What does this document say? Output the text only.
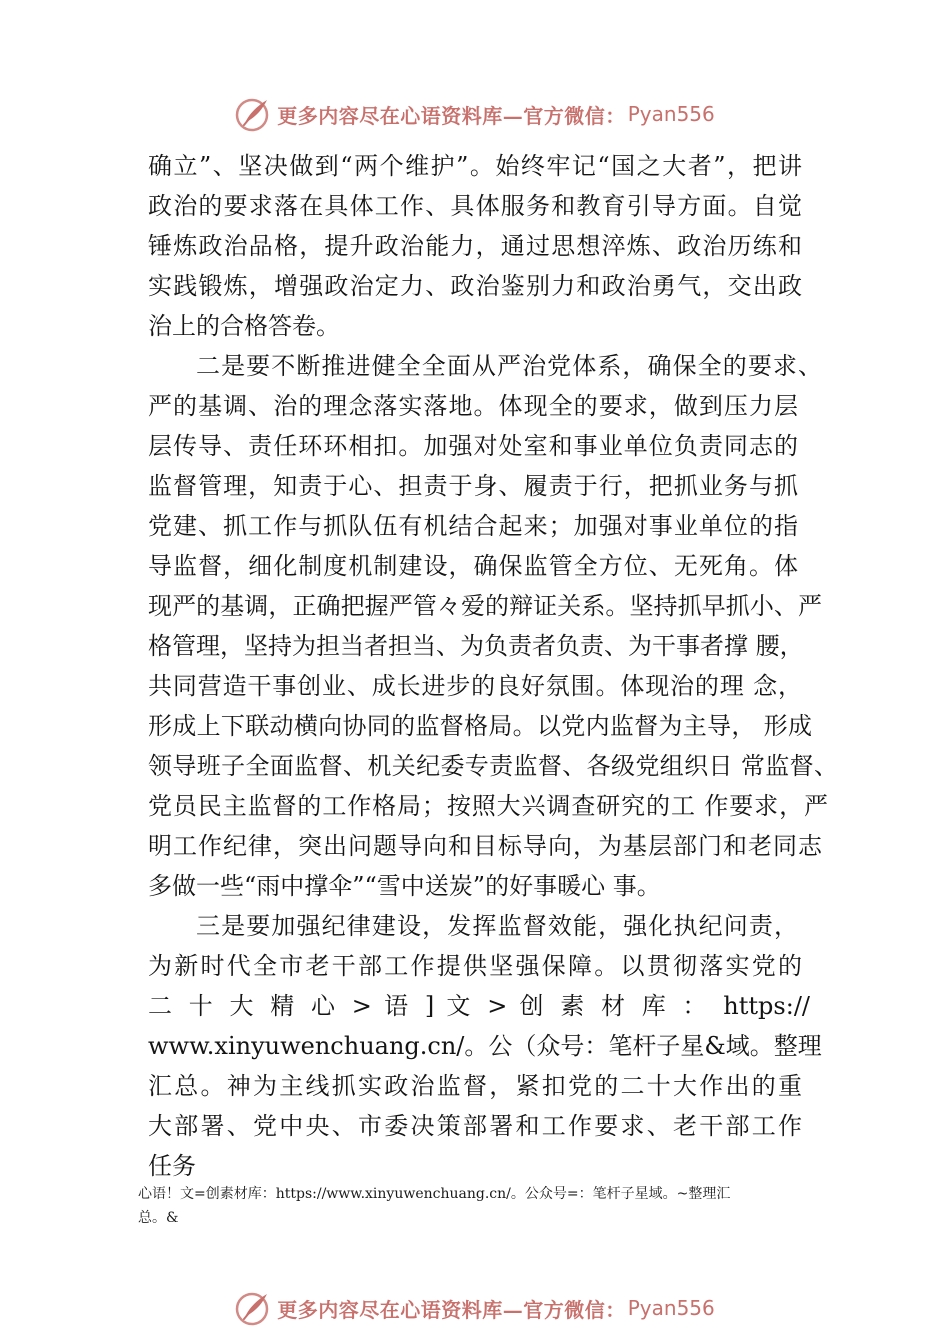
更多内容尽在心语资料库—官方微信： Pyan556
确立”、坚决做到“两个维护”。始终牢记“国之大者”，把讲
政治的要求落在具体工作、具体服务和教育引导方面。自觉
锤炼政治品格，提升政治能力，通过思想淬炼、政治历练和
实践锻炼，增强政治定力、政治鉴别力和政治勇气，交出政
治上的合格答卷。
二是要不断推进健全全面从严治党体系，确保全的要求、
严的基调、治的理念落实落地。体现全的要求，做到压力层
层传导、责任环环相扣。加强对处室和事业单位负责同志的
监督管理，知责于心、担责于身、履责于行，把抓业务与抓
党建、抓工作与抓队伍有机结合起来；加强对事业单位的指
导监督，细化制度机制建设，确保监管全方位、无死角。体
现严的基调，正确把握严管々爱的辩证关系。坚持抓早抓小、严
格管理，坚持为担当者担当、为负责者负责、为干事者撑 腰，
共同营造干事创业、成长进步的良好氛围。体现治的理 念，
形成上下联动横向协同的监督格局。以党内监督为主导， 形成
领导班子全面监督、机关纪委专责监督、各级党组织日 常监督、
党员民主监督的工作格局；按照大兴调查研究的工 作要求，严
明工作纪律，突出问题导向和目标导向，为基层部门和老同志
多做一些“雨中撑伞”“雪中送炭”的好事暖心 事。
三是要加强纪律建设，发挥监督效能，强化执纪问责，
为新时代全市老干部工作提供坚强保障。以贯彻落实党的
二 十 大 精 心 > 语 ] 文 > 创 素 材 库 ： https://
www.xinyuwenchuang.cn/。公（众号：笔杆子星&域。整理
汇总。神为主线抓实政治监督，紧扣党的二十大作出的重
大部署、党中央、市委决策部署和工作要求、老干部工作
任务
心语！文=创素材库：https://www.xinyuwenchuang.cn/。公众号=：笔杆子星域。~整理汇
总。&
更多内容尽在心语资料库—官方微信： Pyan556
